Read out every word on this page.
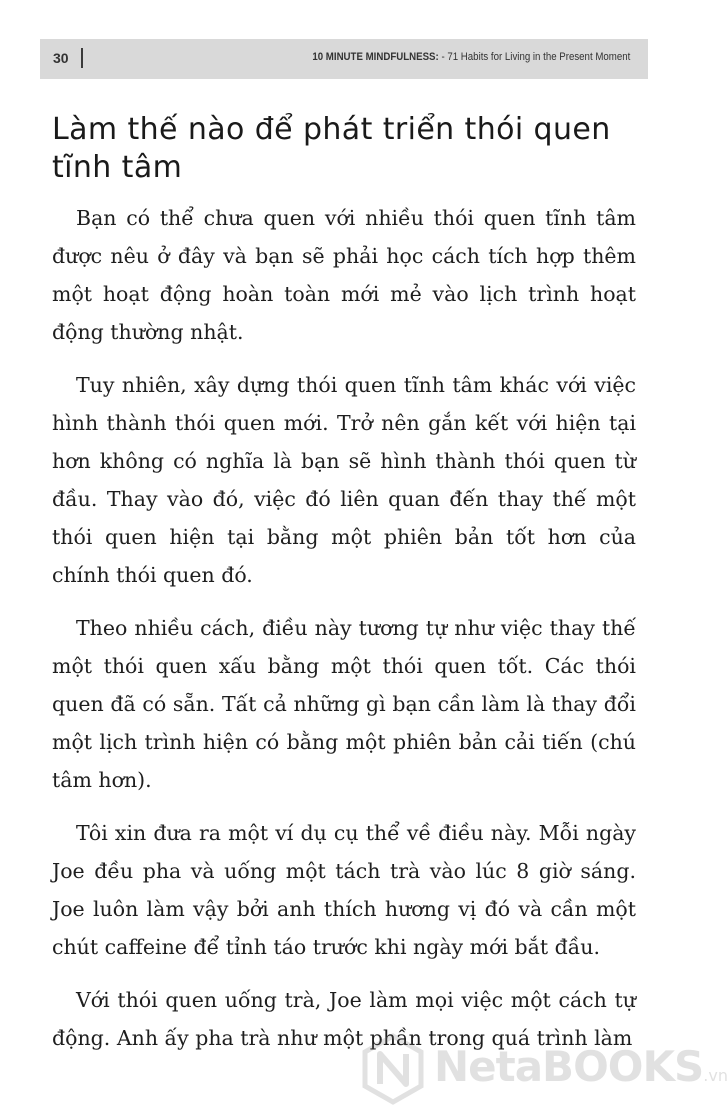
30	10 MINUTE MINDFULNESS: - 71 Habits for Living in the Present Moment
Làm thế nào để phát triển thói quen tĩnh tâm

Bạn có thể chưa quen với nhiều thói quen tĩnh tâm được nêu ở đây và bạn sẽ phải học cách tích hợp thêm một hoạt động hoàn toàn mới mẻ vào lịch trình hoạt động thường nhật.

Tuy nhiên, xây dựng thói quen tĩnh tâm khác với việc hình thành thói quen mới. Trở nên gắn kết với hiện tại hơn không có nghĩa là bạn sẽ hình thành thói quen từ đầu. Thay vào đó, việc đó liên quan đến thay thế một thói quen hiện tại bằng một phiên bản tốt hơn của chính thói quen đó.

Theo nhiều cách, điều này tương tự như việc thay thế một thói quen xấu bằng một thói quen tốt. Các thói quen đã có sẵn. Tất cả những gì bạn cần làm là thay đổi một lịch trình hiện có bằng một phiên bản cải tiến (chú tâm hơn).

Tôi xin đưa ra một ví dụ cụ thể về điều này. Mỗi ngày Joe đều pha và uống một tách trà vào lúc 8 giờ sáng. Joe luôn làm vậy bởi anh thích hương vị đó và cần một chút caffeine để tỉnh táo trước khi ngày mới bắt đầu.

Với thói quen uống trà, Joe làm mọi việc một cách tự động. Anh ấy pha trà như một phần trong quá trình làm

NetaBOOKS.vn
